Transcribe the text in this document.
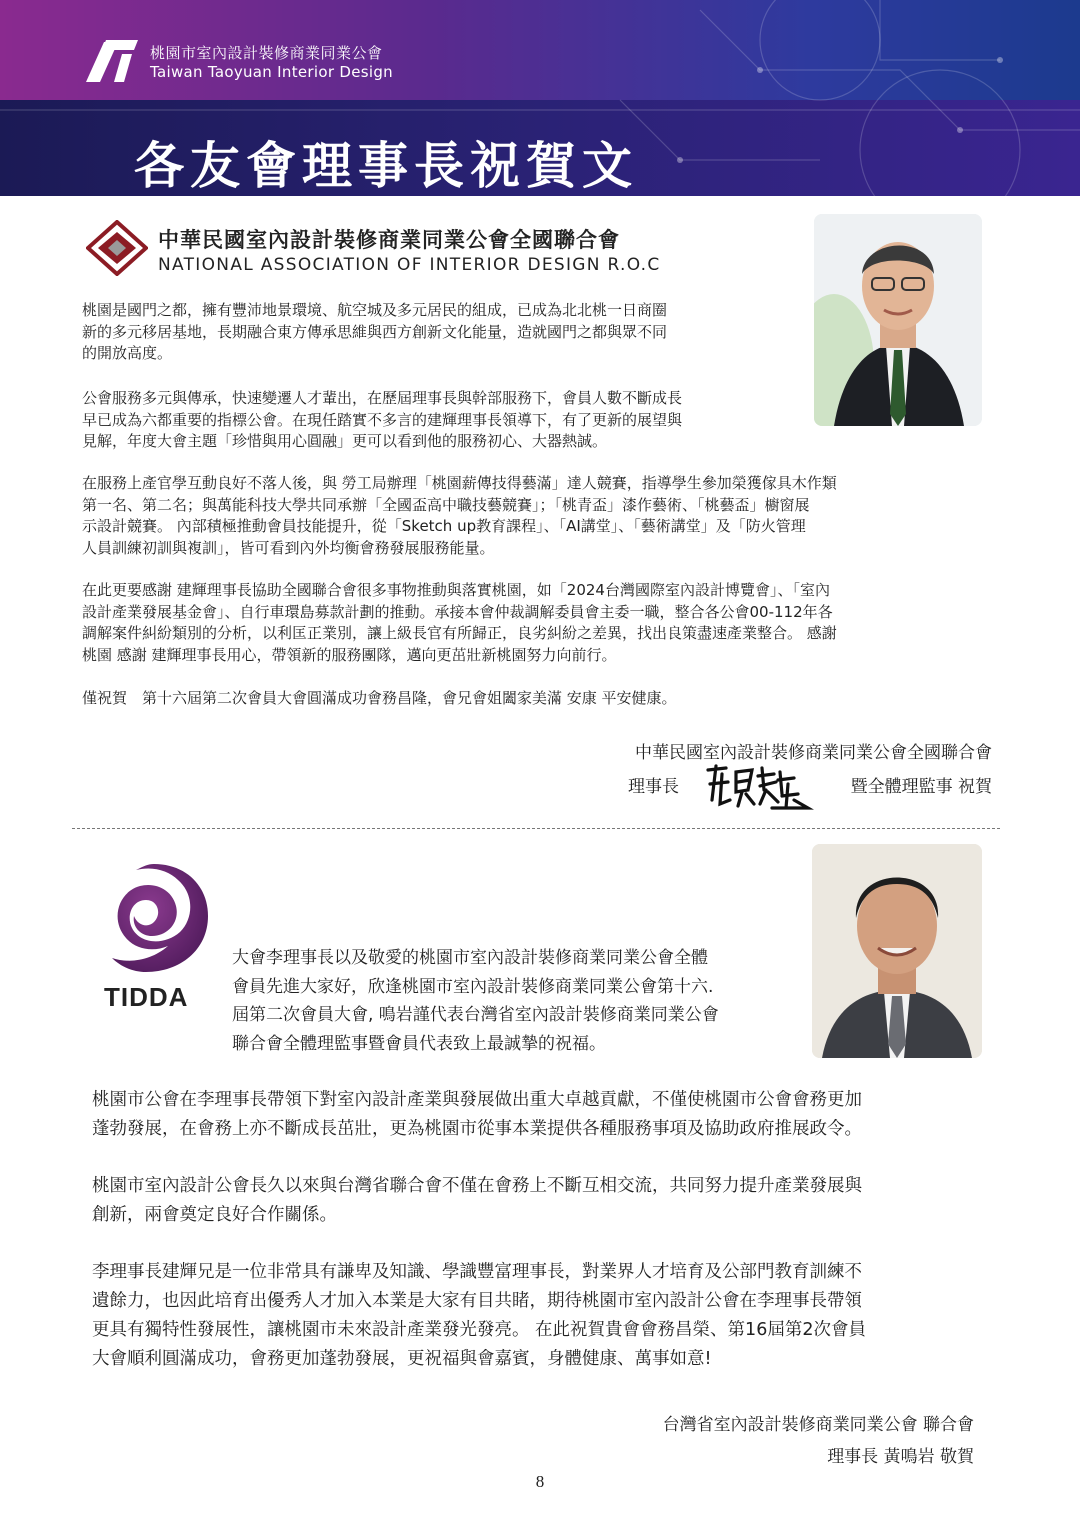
桃園市室內設計裝修商業同業公會
Taiwan Taoyuan Interior Design
各友會理事長祝賀文
中華民國室內設計裝修商業同業公會全國聯合會
NATIONAL ASSOCIATION OF INTERIOR DESIGN R.O.C

桃園是國門之都，擁有豐沛地景環境、航空城及多元居民的組成，已成為北北桃一日商圈
新的多元移居基地，長期融合東方傳承思維與西方創新文化能量，造就國門之都與眾不同
的開放高度。

公會服務多元與傳承，快速變遷人才輩出，在歷屆理事長與幹部服務下，會員人數不斷成長
早已成為六都重要的指標公會。在現任踏實不多言的建輝理事長領導下，有了更新的展望與
見解，年度大會主題「珍惜與用心圓融」更可以看到他的服務初心、大器熱誠。

在服務上產官學互動良好不落人後，與 勞工局辦理「桃園薪傳技得藝滿」達人競賽，指導學生參加榮獲傢具木作類
第一名、第二名；與萬能科技大學共同承辦「全國盃高中職技藝競賽」；「桃青盃」漆作藝術、「桃藝盃」櫥窗展
示設計競賽。 內部積極推動會員技能提升，從「Sketch up教育課程」、「AI講堂」、「藝術講堂」及「防火管理
人員訓練初訓與複訓」，皆可看到內外均衡會務發展服務能量。

在此更要感謝 建輝理事長協助全國聯合會很多事物推動與落實桃園，如「2024台灣國際室內設計博覽會」、「室內
設計產業發展基金會」、自行車環島募款計劃的推動。承接本會仲裁調解委員會主委一職，整合各公會00-112年各
調解案件糾紛類別的分析，以利匡正業別，讓上級長官有所歸正，良劣糾紛之差異，找出良策盡速產業整合。 感謝
桃園 感謝 建輝理事長用心，帶領新的服務團隊，邁向更茁壯新桃園努力向前行。

僅祝賀　第十六屆第二次會員大會圓滿成功會務昌隆，會兄會姐闔家美滿 安康 平安健康。

中華民國室內設計裝修商業同業公會全國聯合會
理事長	暨全體理監事 祝賀
TIDDA

大會李理事長以及敬愛的桃園市室內設計裝修商業同業公會全體
會員先進大家好，欣逢桃園市室內設計裝修商業同業公會第十六.
屆第二次會員大會, 鳴岩謹代表台灣省室內設計裝修商業同業公會
聯合會全體理監事暨會員代表致上最誠摯的祝福。

桃園市公會在李理事長帶領下對室內設計產業與發展做出重大卓越貢獻，不僅使桃園市公會會務更加
蓬勃發展，在會務上亦不斷成長茁壯，更為桃園市從事本業提供各種服務事項及協助政府推展政令。

桃園市室內設計公會長久以來與台灣省聯合會不僅在會務上不斷互相交流，共同努力提升產業發展與
創新，兩會奠定良好合作關係。

李理事長建輝兄是一位非常具有謙卑及知識、學識豐富理事長，對業界人才培育及公部門教育訓練不
遺餘力，也因此培育出優秀人才加入本業是大家有目共睹，期待桃園市室內設計公會在李理事長帶領
更具有獨特性發展性，讓桃園市未來設計產業發光發亮。 在此祝賀貴會會務昌榮、第16屆第2次會員
大會順利圓滿成功，會務更加蓬勃發展，更祝福與會嘉賓，身體健康、萬事如意!

台灣省室內設計裝修商業同業公會 聯合會
理事長 黃鳴岩 敬賀
8
